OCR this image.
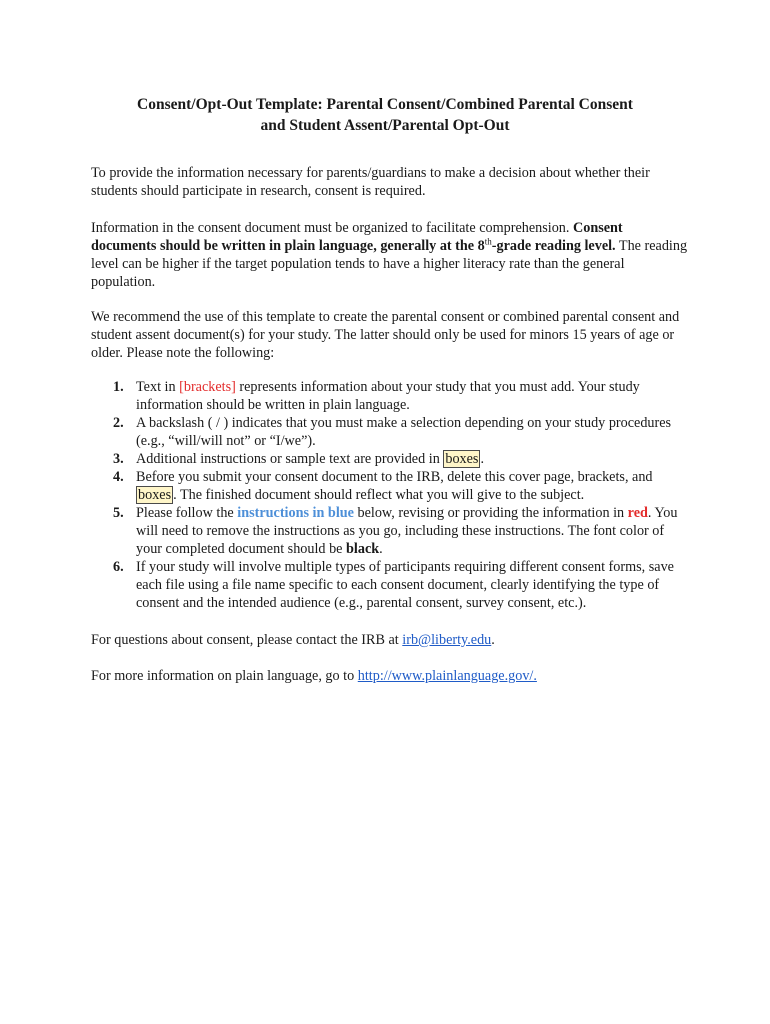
Consent/Opt-Out Template: Parental Consent/Combined Parental Consent
and Student Assent/Parental Opt-Out

To provide the information necessary for parents/guardians to make a decision about whether their students should participate in research, consent is required.

Information in the consent document must be organized to facilitate comprehension. Consent documents should be written in plain language, generally at the 8th-grade reading level. The reading level can be higher if the target population tends to have a higher literacy rate than the general population.

We recommend the use of this template to create the parental consent or combined parental consent and student assent document(s) for your study. The latter should only be used for minors 15 years of age or older. Please note the following:

1. Text in [brackets] represents information about your study that you must add. Your study information should be written in plain language.
2. A backslash ( / ) indicates that you must make a selection depending on your study procedures (e.g., “will/will not” or “I/we”).
3. Additional instructions or sample text are provided in boxes .
4. Before you submit your consent document to the IRB, delete this cover page, brackets, and boxes . The finished document should reflect what you will give to the subject.
5. Please follow the instructions in blue below, revising or providing the information in red. You will need to remove the instructions as you go, including these instructions. The font color of your completed document should be black.
6. If your study will involve multiple types of participants requiring different consent forms, save each file using a file name specific to each consent document, clearly identifying the type of consent and the intended audience (e.g., parental consent, survey consent, etc.).

For questions about consent, please contact the IRB at irb@liberty.edu.

For more information on plain language, go to http://www.plainlanguage.gov/.
